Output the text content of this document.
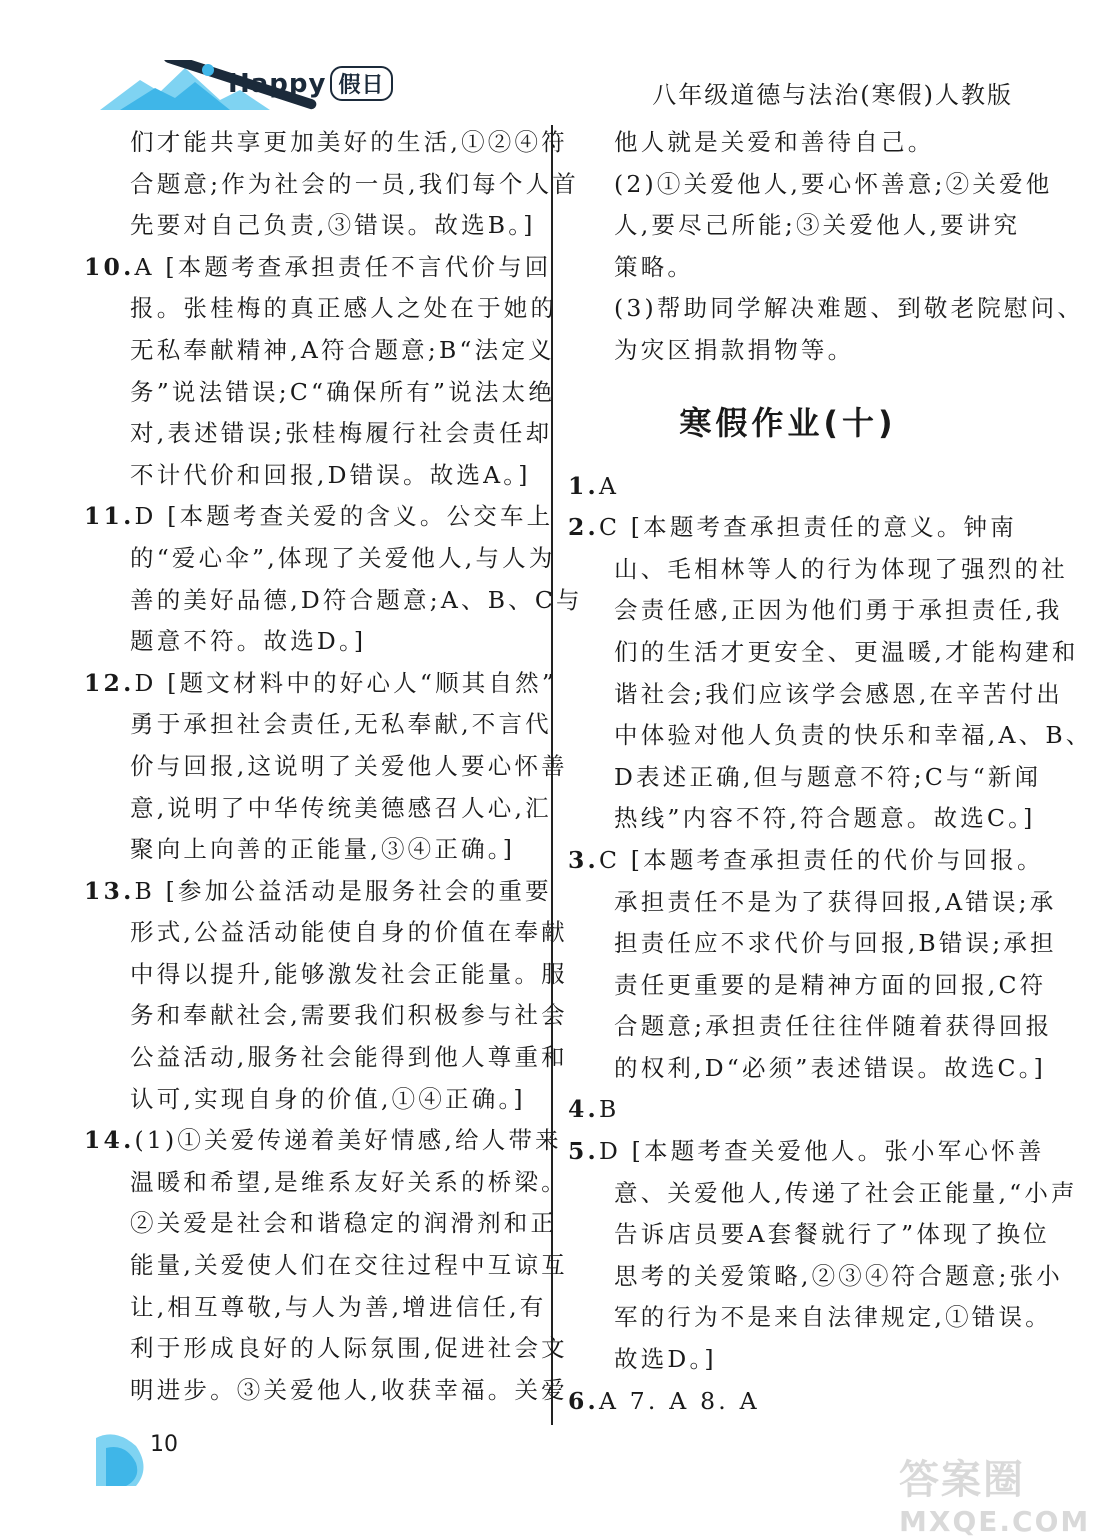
Happy 假日	八年级道德与法治(寒假)人教版
们才能共享更加美好的生活,①②④符
合题意;作为社会的一员,我们每个人首
先要对自己负责,③错误。故选B。]
10.A [本题考查承担责任不言代价与回
报。张桂梅的真正感人之处在于她的
无私奉献精神,A符合题意;B“法定义
务”说法错误;C“确保所有”说法太绝
对,表述错误;张桂梅履行社会责任却
不计代价和回报,D错误。故选A。]
11.D [本题考查关爱的含义。公交车上
的“爱心伞”,体现了关爱他人,与人为
善的美好品德,D符合题意;A、B、C与
题意不符。故选D。]
12.D [题文材料中的好心人“顺其自然”
勇于承担社会责任,无私奉献,不言代
价与回报,这说明了关爱他人要心怀善
意,说明了中华传统美德感召人心,汇
聚向上向善的正能量,③④正确。]
13.B [参加公益活动是服务社会的重要
形式,公益活动能使自身的价值在奉献
中得以提升,能够激发社会正能量。服
务和奉献社会,需要我们积极参与社会
公益活动,服务社会能得到他人尊重和
认可,实现自身的价值,①④正确。]
14.(1)①关爱传递着美好情感,给人带来
温暖和希望,是维系友好关系的桥梁。
②关爱是社会和谐稳定的润滑剂和正
能量,关爱使人们在交往过程中互谅互
让,相互尊敬,与人为善,增进信任,有
利于形成良好的人际氛围,促进社会文
明进步。③关爱他人,收获幸福。关爱
他人就是关爱和善待自己。
(2)①关爱他人,要心怀善意;②关爱他
人,要尽己所能;③关爱他人,要讲究
策略。
(3)帮助同学解决难题、到敬老院慰问、
为灾区捐款捐物等。
寒假作业(十)
1.A
2.C [本题考查承担责任的意义。钟南
山、毛相林等人的行为体现了强烈的社
会责任感,正因为他们勇于承担责任,我
们的生活才更安全、更温暖,才能构建和
谐社会;我们应该学会感恩,在辛苦付出
中体验对他人负责的快乐和幸福,A、B、
D表述正确,但与题意不符;C与“新闻
热线”内容不符,符合题意。故选C。]
3.C [本题考查承担责任的代价与回报。
承担责任不是为了获得回报,A错误;承
担责任应不求代价与回报,B错误;承担
责任更重要的是精神方面的回报,C符
合题意;承担责任往往伴随着获得回报
的权利,D“必须”表述错误。故选C。]
4.B
5.D [本题考查关爱他人。张小军心怀善
意、关爱他人,传递了社会正能量,“小声
告诉店员要A套餐就行了”体现了换位
思考的关爱策略,②③④符合题意;张小
军的行为不是来自法律规定,①错误。
故选D。]
6.A 7. A 8. A
10
答案圈
MXQE.COM
